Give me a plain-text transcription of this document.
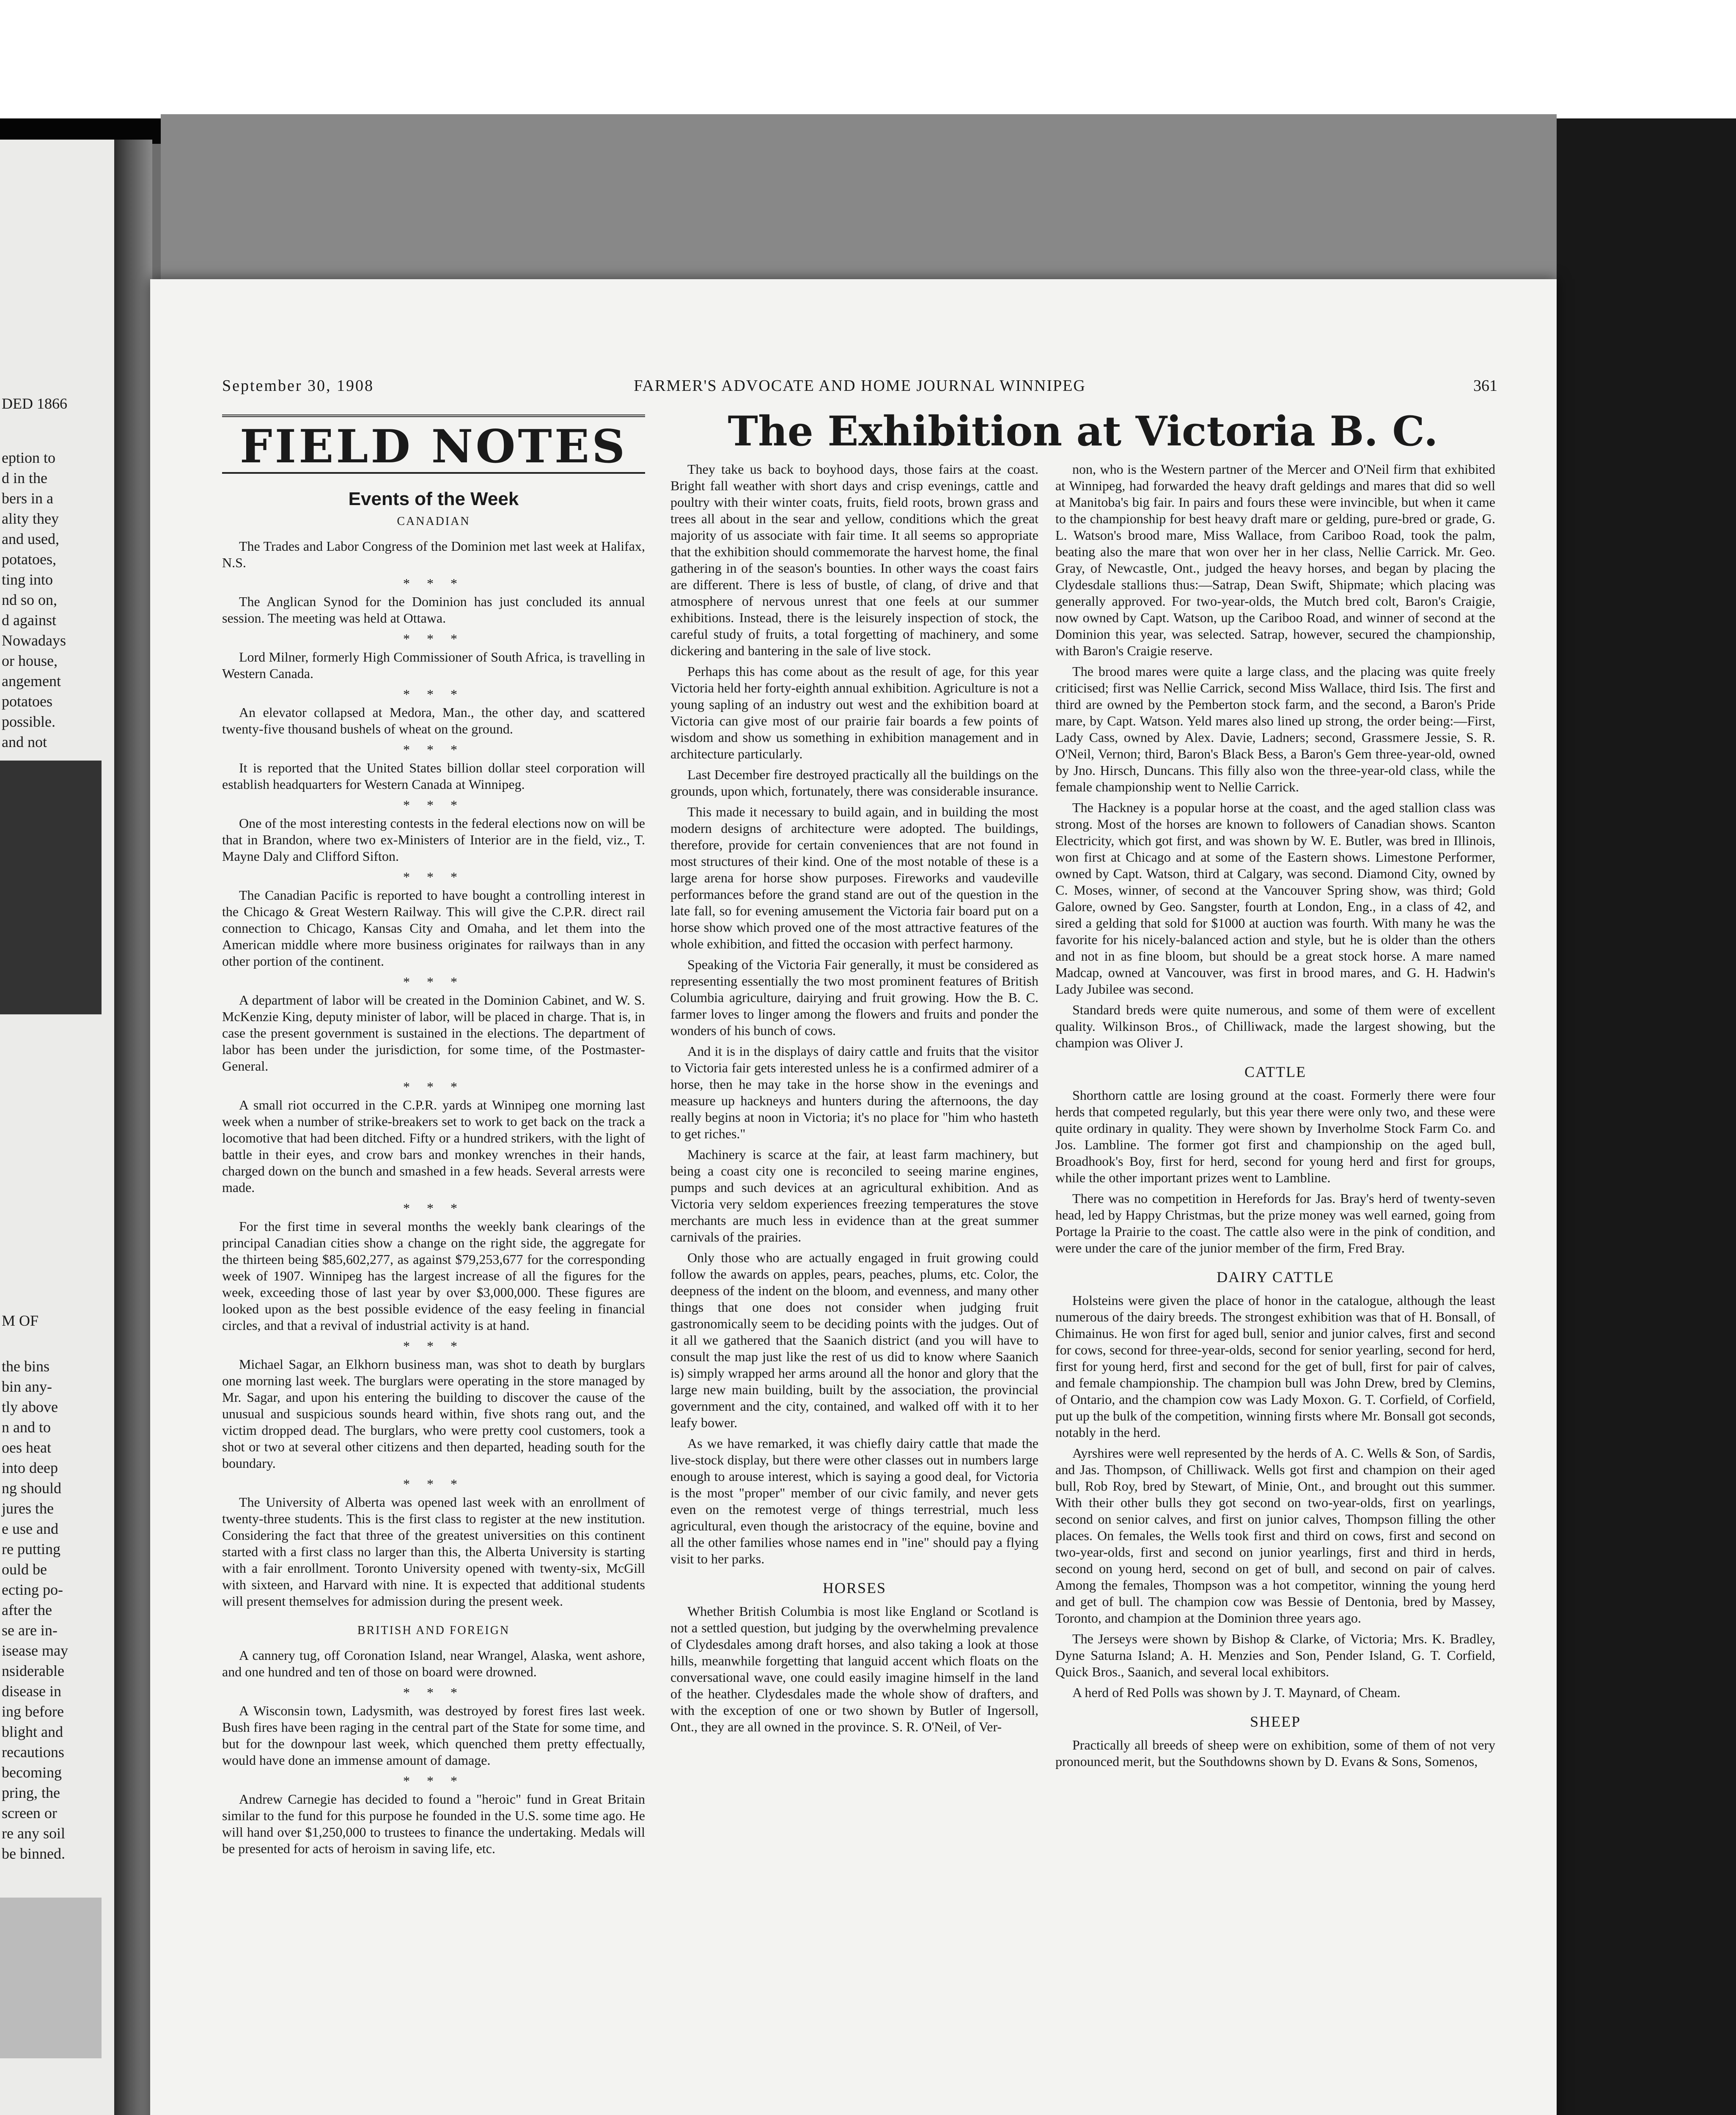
DED 1866
eption to
d in the
bers in a
ality they
and used,
potatoes,
ting into
nd so on,
d against
Nowadays
or house,
angement
potatoes
possible.
and not
M OF
the bins
bin any-
tly above
n and to
oes heat
into deep
ng should
jures the
e use and
re putting
ould be
ecting po-
after the
se are in-
isease may
nsiderable
disease in
ing before
blight and
recautions
becoming
pring, the
screen or
re any soil
be binned.
September 30, 1908	FARMER'S ADVOCATE AND HOME JOURNAL WINNIPEG	361
FIELD NOTES
Events of the Week
CANADIAN

The Trades and Labor Congress of the Dominion met last week at Halifax, N.S.

* * *

The Anglican Synod for the Dominion has just concluded its annual session. The meeting was held at Ottawa.

* * *

Lord Milner, formerly High Commissioner of South Africa, is travelling in Western Canada.

* * *

An elevator collapsed at Medora, Man., the other day, and scattered twenty-five thousand bushels of wheat on the ground.

* * *

It is reported that the United States billion dollar steel corporation will establish headquarters for Western Canada at Winnipeg.

* * *

One of the most interesting contests in the federal elections now on will be that in Brandon, where two ex-Ministers of Interior are in the field, viz., T. Mayne Daly and Clifford Sifton.

* * *

The Canadian Pacific is reported to have bought a controlling interest in the Chicago & Great Western Railway. This will give the C.P.R. direct rail connection to Chicago, Kansas City and Omaha, and let them into the American middle where more business originates for railways than in any other portion of the continent.

* * *

A department of labor will be created in the Dominion Cabinet, and W. S. McKenzie King, deputy minister of labor, will be placed in charge. That is, in case the present government is sustained in the elections. The department of labor has been under the jurisdiction, for some time, of the Postmaster-General.

* * *

A small riot occurred in the C.P.R. yards at Winnipeg one morning last week when a number of strike-breakers set to work to get back on the track a locomotive that had been ditched. Fifty or a hundred strikers, with the light of battle in their eyes, and crow bars and monkey wrenches in their hands, charged down on the bunch and smashed in a few heads. Several arrests were made.

* * *

For the first time in several months the weekly bank clearings of the principal Canadian cities show a change on the right side, the aggregate for the thirteen being $85,602,277, as against $79,253,677 for the corresponding week of 1907. Winnipeg has the largest increase of all the figures for the week, exceeding those of last year by over $3,000,000. These figures are looked upon as the best possible evidence of the easy feeling in financial circles, and that a revival of industrial activity is at hand.

* * *

Michael Sagar, an Elkhorn business man, was shot to death by burglars one morning last week. The burglars were operating in the store managed by Mr. Sagar, and upon his entering the building to discover the cause of the unusual and suspicious sounds heard within, five shots rang out, and the victim dropped dead. The burglars, who were pretty cool customers, took a shot or two at several other citizens and then departed, heading south for the boundary.

* * *

The University of Alberta was opened last week with an enrollment of twenty-three students. This is the first class to register at the new institution. Considering the fact that three of the greatest universities on this continent started with a first class no larger than this, the Alberta University is starting with a fair enrollment. Toronto University opened with twenty-six, McGill with sixteen, and Harvard with nine. It is expected that additional students will present themselves for admission during the present week.

BRITISH AND FOREIGN

A cannery tug, off Coronation Island, near Wrangel, Alaska, went ashore, and one hundred and ten of those on board were drowned.

* * *

A Wisconsin town, Ladysmith, was destroyed by forest fires last week. Bush fires have been raging in the central part of the State for some time, and but for the downpour last week, which quenched them pretty effectually, would have done an immense amount of damage.

* * *

Andrew Carnegie has decided to found a "heroic" fund in Great Britain similar to the fund for this purpose he founded in the U.S. some time ago. He will hand over $1,250,000 to trustees to finance the undertaking. Medals will be presented for acts of heroism in saving life, etc.

The Exhibition at Victoria B. C.

They take us back to boyhood days, those fairs at the coast. Bright fall weather with short days and crisp evenings, cattle and poultry with their winter coats, fruits, field roots, brown grass and trees all about in the sear and yellow, conditions which the great majority of us associate with fair time. It all seems so appropriate that the exhibition should commemorate the harvest home, the final gathering in of the season's bounties. In other ways the coast fairs are different. There is less of bustle, of clang, of drive and that atmosphere of nervous unrest that one feels at our summer exhibitions. Instead, there is the leisurely inspection of stock, the careful study of fruits, a total forgetting of machinery, and some dickering and bantering in the sale of live stock.

Perhaps this has come about as the result of age, for this year Victoria held her forty-eighth annual exhibition. Agriculture is not a young sapling of an industry out west and the exhibition board at Victoria can give most of our prairie fair boards a few points of wisdom and show us something in exhibition management and in architecture particularly.

Last December fire destroyed practically all the buildings on the grounds, upon which, fortunately, there was considerable insurance.

This made it necessary to build again, and in building the most modern designs of architecture were adopted. The buildings, therefore, provide for certain conveniences that are not found in most structures of their kind. One of the most notable of these is a large arena for horse show purposes. Fireworks and vaudeville performances before the grand stand are out of the question in the late fall, so for evening amusement the Victoria fair board put on a horse show which proved one of the most attractive features of the whole exhibition, and fitted the occasion with perfect harmony.

Speaking of the Victoria Fair generally, it must be considered as representing essentially the two most prominent features of British Columbia agriculture, dairying and fruit growing. How the B. C. farmer loves to linger among the flowers and fruits and ponder the wonders of his bunch of cows.

And it is in the displays of dairy cattle and fruits that the visitor to Victoria fair gets interested unless he is a confirmed admirer of a horse, then he may take in the horse show in the evenings and measure up hackneys and hunters during the afternoons, the day really begins at noon in Victoria; it's no place for "him who hasteth to get riches."

Machinery is scarce at the fair, at least farm machinery, but being a coast city one is reconciled to seeing marine engines, pumps and such devices at an agricultural exhibition. And as Victoria very seldom experiences freezing temperatures the stove merchants are much less in evidence than at the great summer carnivals of the prairies.

Only those who are actually engaged in fruit growing could follow the awards on apples, pears, peaches, plums, etc. Color, the deepness of the indent on the bloom, and evenness, and many other things that one does not consider when judging fruit gastronomically seem to be deciding points with the judges. Out of it all we gathered that the Saanich district (and you will have to consult the map just like the rest of us did to know where Saanich is) simply wrapped her arms around all the honor and glory that the large new main building, built by the association, the provincial government and the city, contained, and walked off with it to her leafy bower.

As we have remarked, it was chiefly dairy cattle that made the live-stock display, but there were other classes out in numbers large enough to arouse interest, which is saying a good deal, for Victoria is the most "proper" member of our civic family, and never gets even on the remotest verge of things terrestrial, much less agricultural, even though the aristocracy of the equine, bovine and all the other families whose names end in "ine" should pay a flying visit to her parks.

HORSES

Whether British Columbia is most like England or Scotland is not a settled question, but judging by the overwhelming prevalence of Clydesdales among draft horses, and also taking a look at those hills, meanwhile forgetting that languid accent which floats on the conversational wave, one could easily imagine himself in the land of the heather. Clydesdales made the whole show of drafters, and with the exception of one or two shown by Butler of Ingersoll, Ont., they are all owned in the province. S. R. O'Neil, of Ver-

non, who is the Western partner of the Mercer and O'Neil firm that exhibited at Winnipeg, had forwarded the heavy draft geldings and mares that did so well at Manitoba's big fair. In pairs and fours these were invincible, but when it came to the championship for best heavy draft mare or gelding, pure-bred or grade, G. L. Watson's brood mare, Miss Wallace, from Cariboo Road, took the palm, beating also the mare that won over her in her class, Nellie Carrick. Mr. Geo. Gray, of Newcastle, Ont., judged the heavy horses, and began by placing the Clydesdale stallions thus:—Satrap, Dean Swift, Shipmate; which placing was generally approved. For two-year-olds, the Mutch bred colt, Baron's Craigie, now owned by Capt. Watson, up the Cariboo Road, and winner of second at the Dominion this year, was selected. Satrap, however, secured the championship, with Baron's Craigie reserve.

The brood mares were quite a large class, and the placing was quite freely criticised; first was Nellie Carrick, second Miss Wallace, third Isis. The first and third are owned by the Pemberton stock farm, and the second, a Baron's Pride mare, by Capt. Watson. Yeld mares also lined up strong, the order being:—First, Lady Cass, owned by Alex. Davie, Ladners; second, Grassmere Jessie, S. R. O'Neil, Vernon; third, Baron's Black Bess, a Baron's Gem three-year-old, owned by Jno. Hirsch, Duncans. This filly also won the three-year-old class, while the female championship went to Nellie Carrick.

The Hackney is a popular horse at the coast, and the aged stallion class was strong. Most of the horses are known to followers of Canadian shows. Scanton Electricity, which got first, and was shown by W. E. Butler, was bred in Illinois, won first at Chicago and at some of the Eastern shows. Limestone Performer, owned by Capt. Watson, third at Calgary, was second. Diamond City, owned by C. Moses, winner, of second at the Vancouver Spring show, was third; Gold Galore, owned by Geo. Sangster, fourth at London, Eng., in a class of 42, and sired a gelding that sold for $1000 at auction was fourth. With many he was the favorite for his nicely-balanced action and style, but he is older than the others and not in as fine bloom, but should be a great stock horse. A mare named Madcap, owned at Vancouver, was first in brood mares, and G. H. Hadwin's Lady Jubilee was second.

Standard breds were quite numerous, and some of them were of excellent quality. Wilkinson Bros., of Chilliwack, made the largest showing, but the champion was Oliver J.

CATTLE

Shorthorn cattle are losing ground at the coast. Formerly there were four herds that competed regularly, but this year there were only two, and these were quite ordinary in quality. They were shown by Inverholme Stock Farm Co. and Jos. Lambline. The former got first and championship on the aged bull, Broadhook's Boy, first for herd, second for young herd and first for groups, while the other important prizes went to Lambline.

There was no competition in Herefords for Jas. Bray's herd of twenty-seven head, led by Happy Christmas, but the prize money was well earned, going from Portage la Prairie to the coast. The cattle also were in the pink of condition, and were under the care of the junior member of the firm, Fred Bray.

DAIRY CATTLE

Holsteins were given the place of honor in the catalogue, although the least numerous of the dairy breeds. The strongest exhibition was that of H. Bonsall, of Chimainus. He won first for aged bull, senior and junior calves, first and second for cows, second for three-year-olds, second for senior yearling, second for herd, first for young herd, first and second for the get of bull, first for pair of calves, and female championship. The champion bull was John Drew, bred by Clemins, of Ontario, and the champion cow was Lady Moxon. G. T. Corfield, of Corfield, put up the bulk of the competition, winning firsts where Mr. Bonsall got seconds, notably in the herd.

Ayrshires were well represented by the herds of A. C. Wells & Son, of Sardis, and Jas. Thompson, of Chilliwack. Wells got first and champion on their aged bull, Rob Roy, bred by Stewart, of Minie, Ont., and brought out this summer. With their other bulls they got second on two-year-olds, first on yearlings, second on senior calves, and first on junior calves, Thompson filling the other places. On females, the Wells took first and third on cows, first and second on two-year-olds, first and second on junior yearlings, first and third in herds, second on young herd, second on get of bull, and second on pair of calves. Among the females, Thompson was a hot competitor, winning the young herd and get of bull. The champion cow was Bessie of Dentonia, bred by Massey, Toronto, and champion at the Dominion three years ago.

The Jerseys were shown by Bishop & Clarke, of Victoria; Mrs. K. Bradley, Dyne Saturna Island; A. H. Menzies and Son, Pender Island, G. T. Corfield, Quick Bros., Saanich, and several local exhibitors.

A herd of Red Polls was shown by J. T. Maynard, of Cheam.

SHEEP

Practically all breeds of sheep were on exhibition, some of them of not very pronounced merit, but the Southdowns shown by D. Evans & Sons, Somenos,
